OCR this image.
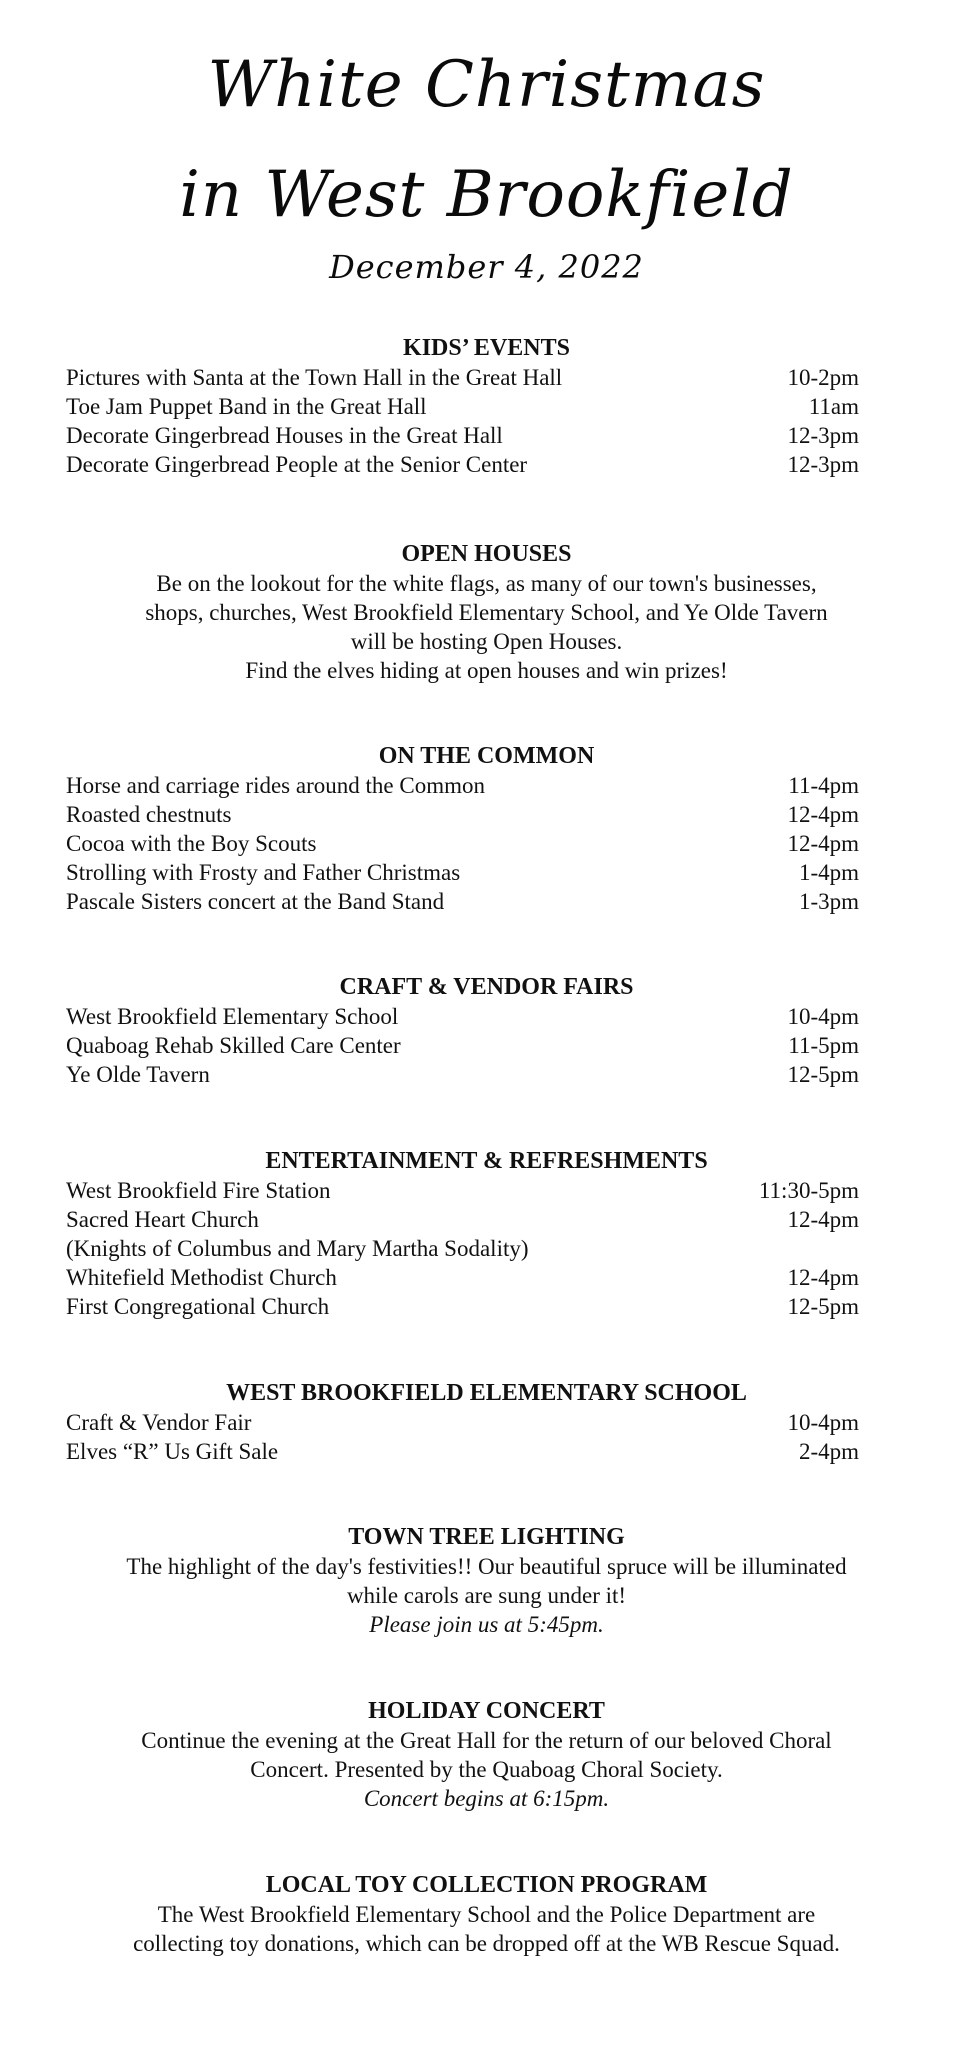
White Christmas
in West Brookfield
December 4, 2022
KIDS’ EVENTS
Pictures with Santa at the Town Hall in the Great Hall	10-2pm
Toe Jam Puppet Band in the Great Hall	11am
Decorate Gingerbread Houses in the Great Hall	12-3pm
Decorate Gingerbread People at the Senior Center	12-3pm
OPEN HOUSES

Be on the lookout for the white flags, as many of our town's businesses,

shops, churches, West Brookfield Elementary School, and Ye Olde Tavern

will be hosting Open Houses.

Find the elves hiding at open houses and win prizes!

ON THE COMMON
Horse and carriage rides around the Common	11-4pm
Roasted chestnuts	12-4pm
Cocoa with the Boy Scouts	12-4pm
Strolling with Frosty and Father Christmas	1-4pm
Pascale Sisters concert at the Band Stand	1-3pm
CRAFT & VENDOR FAIRS
West Brookfield Elementary School	10-4pm
Quaboag Rehab Skilled Care Center	11-5pm
Ye Olde Tavern	12-5pm
ENTERTAINMENT & REFRESHMENTS
West Brookfield Fire Station	11:30-5pm
Sacred Heart Church	12-4pm
(Knights of Columbus and Mary Martha Sodality)
Whitefield Methodist Church	12-4pm
First Congregational Church	12-5pm
WEST BROOKFIELD ELEMENTARY SCHOOL
Craft & Vendor Fair	10-4pm
Elves “R” Us Gift Sale	2-4pm
TOWN TREE LIGHTING

The highlight of the day's festivities!! Our beautiful spruce will be illuminated

while carols are sung under it!

Please join us at 5:45pm.

HOLIDAY CONCERT

Continue the evening at the Great Hall for the return of our beloved Choral

Concert. Presented by the Quaboag Choral Society.

Concert begins at 6:15pm.

LOCAL TOY COLLECTION PROGRAM

The West Brookfield Elementary School and the Police Department are

collecting toy donations, which can be dropped off at the WB Rescue Squad.
